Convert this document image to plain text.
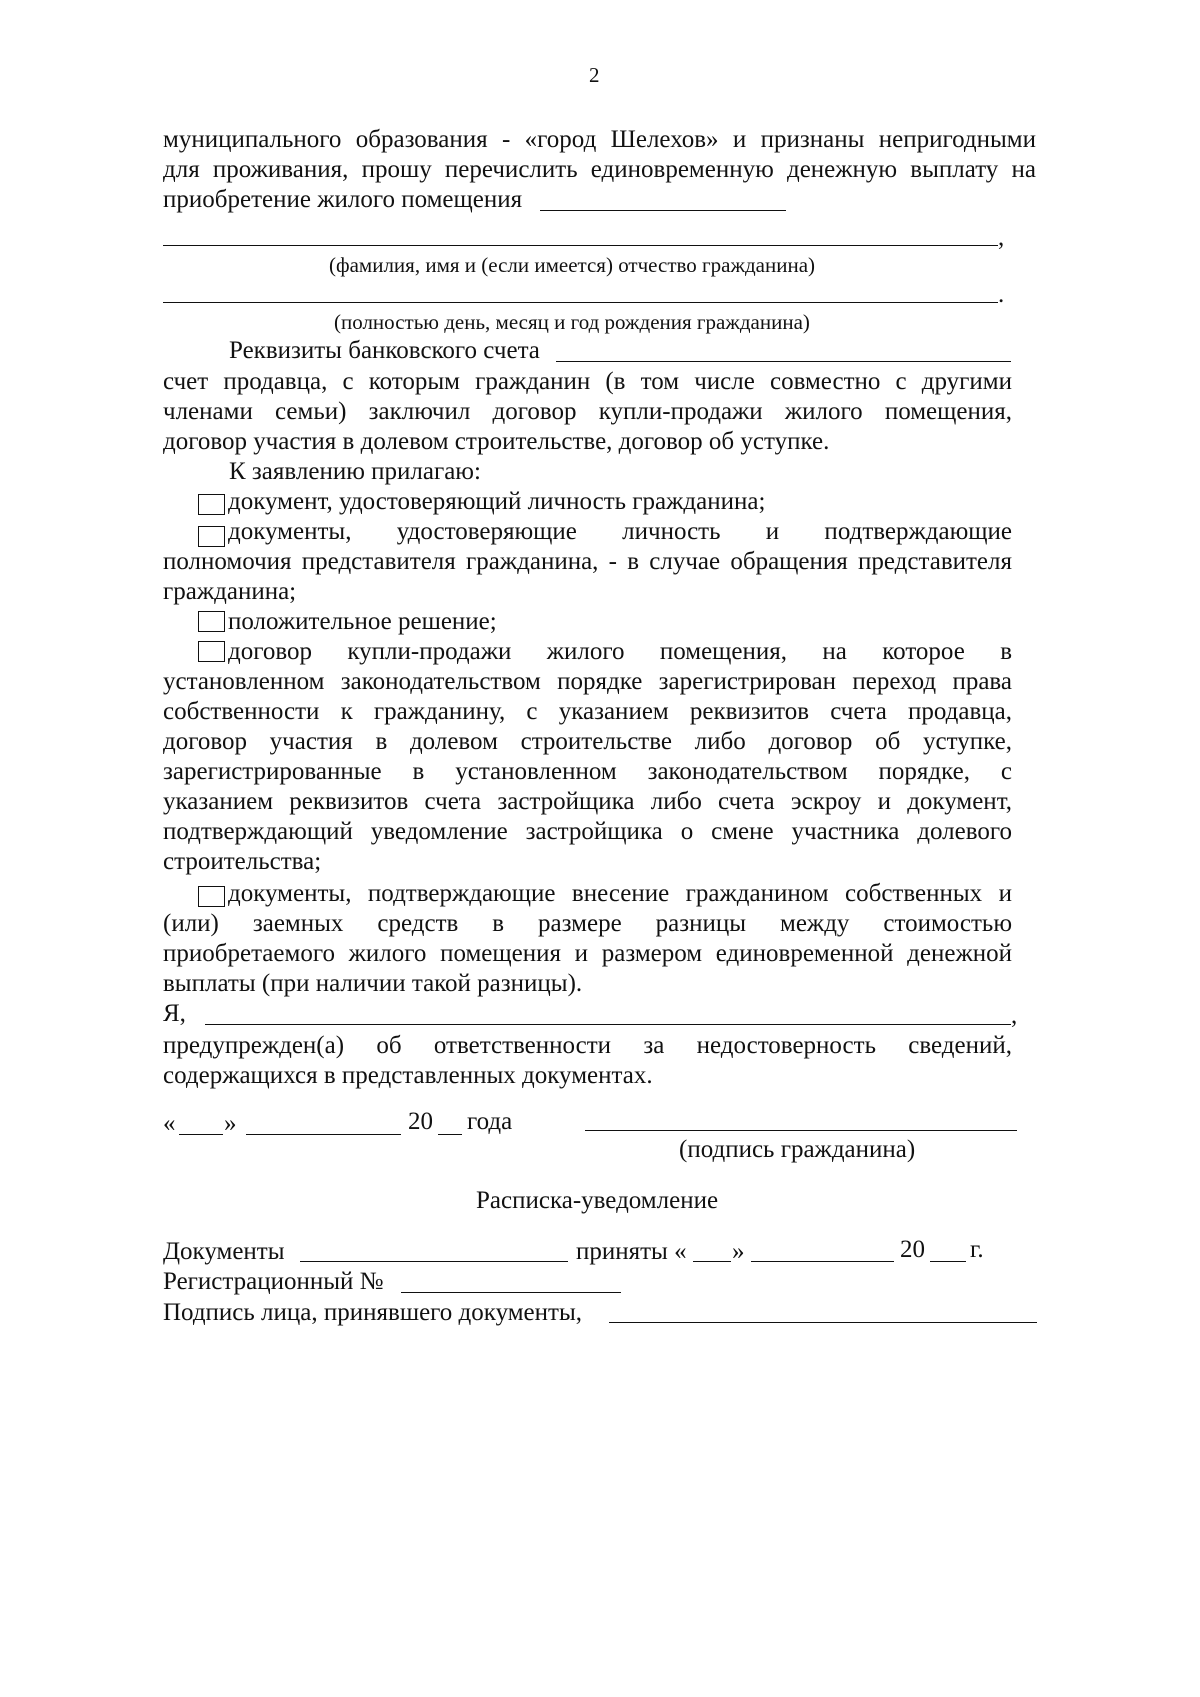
2
муниципального образования - «город Шелехов» и признаны непригодными
для проживания, прошу перечислить единовременную денежную выплату на
приобретение жилого помещения
,
(фамилия, имя и (если имеется) отчество гражданина)
.
(полностью день, месяц и год рождения гражданина)
Реквизиты банковского счета
счет продавца, с которым гражданин (в том числе совместно с другими
членами семьи) заключил договор купли-продажи жилого помещения,
договор участия в долевом строительстве, договор об уступке.
К заявлению прилагаю:
документ, удостоверяющий личность гражданина;
документы, удостоверяющие личность и подтверждающие
полномочия представителя гражданина, - в случае обращения представителя
гражданина;
положительное решение;
договор купли-продажи жилого помещения, на которое в
установленном законодательством порядке зарегистрирован переход права
собственности к гражданину, с указанием реквизитов счета продавца,
договор участия в долевом строительстве либо договор об уступке,
зарегистрированные в установленном законодательством порядке, с
указанием реквизитов счета застройщика либо счета эскроу и документ,
подтверждающий уведомление застройщика о смене участника долевого
строительства;
документы, подтверждающие внесение гражданином собственных и
(или) заемных средств в размере разницы между стоимостью
приобретаемого жилого помещения и размером единовременной денежной
выплаты (при наличии такой разницы).
Я,	,
предупрежден(а) об ответственности за недостоверность сведений,
содержащихся в представленных документах.
« »	20 года
(подпись гражданина)
Расписка-уведомление
Документы	приняты « »	20 г.
Регистрационный №
Подпись лица, принявшего документы,
